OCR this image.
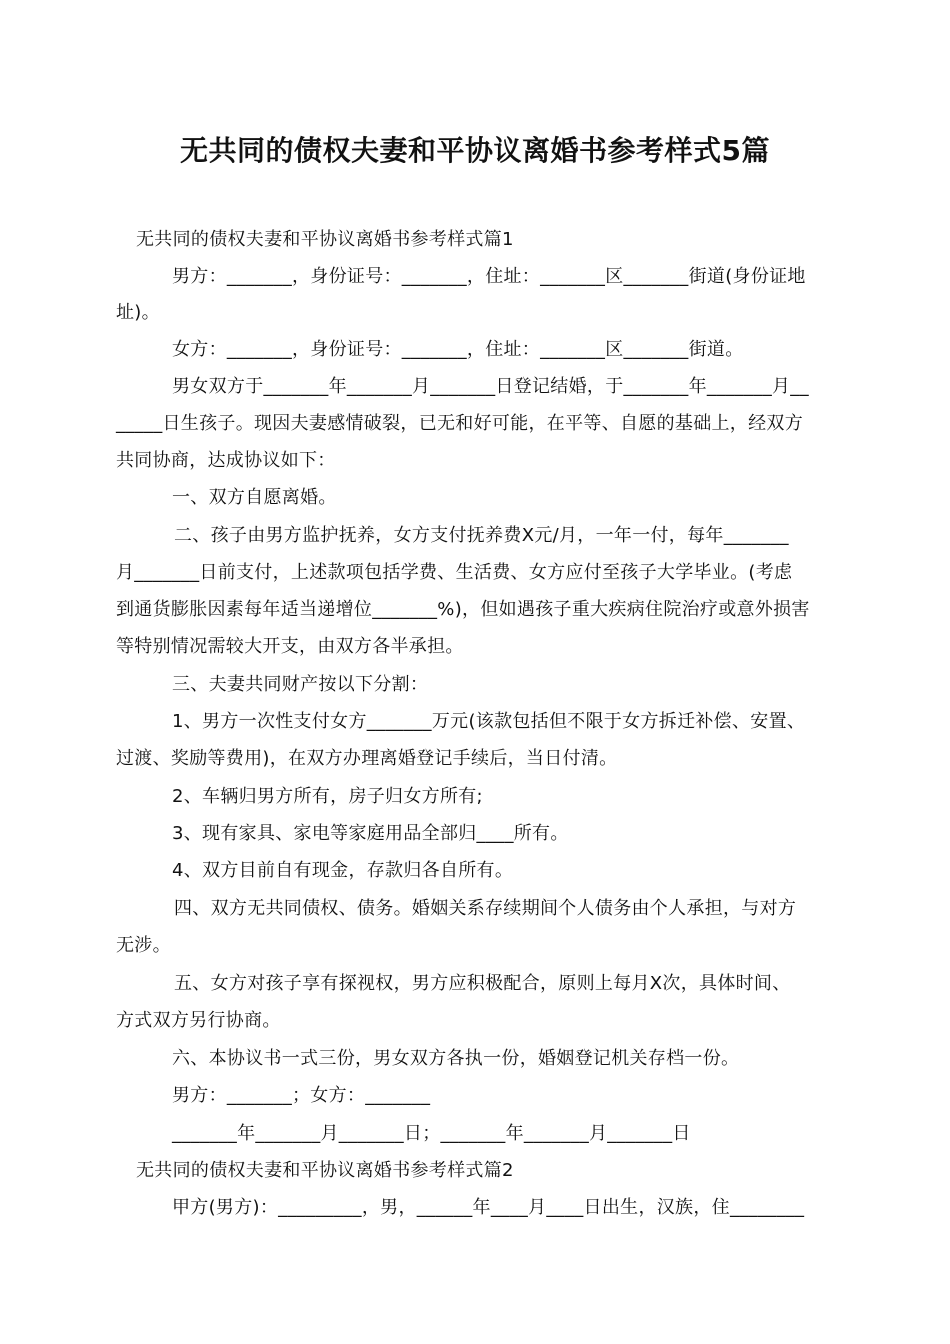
无共同的债权夫妻和平协议离婚书参考样式5篇
无共同的债权夫妻和平协议离婚书参考样式篇1
男方：_______，身份证号：_______，住址：_______区_______街道(身份证地
址)。
女方：_______，身份证号：_______，住址：_______区_______街道。
男女双方于_______年_______月_______日登记结婚，于_______年_______月__
_____日生孩子。现因夫妻感情破裂，已无和好可能，在平等、自愿的基础上，经双方
共同协商，达成协议如下：
一、双方自愿离婚。
二、孩子由男方监护抚养，女方支付抚养费X元/月，一年一付，每年_______
月_______日前支付，上述款项包括学费、生活费、女方应付至孩子大学毕业。(考虑
到通货膨胀因素每年适当递增位_______%)，但如遇孩子重大疾病住院治疗或意外损害
等特别情况需较大开支，由双方各半承担。
三、夫妻共同财产按以下分割：
1、男方一次性支付女方_______万元(该款包括但不限于女方拆迁补偿、安置、
过渡、奖励等费用)，在双方办理离婚登记手续后，当日付清。
2、车辆归男方所有，房子归女方所有;
3、现有家具、家电等家庭用品全部归____所有。
4、双方目前自有现金，存款归各自所有。
四、双方无共同债权、债务。婚姻关系存续期间个人债务由个人承担，与对方
无涉。
五、女方对孩子享有探视权，男方应积极配合，原则上每月X次，具体时间、
方式双方另行协商。
六、本协议书一式三份，男女双方各执一份，婚姻登记机关存档一份。
男方：_______；女方：_______
_______年_______月_______日；_______年_______月_______日
无共同的债权夫妻和平协议离婚书参考样式篇2
甲方(男方)：_________，男，______年____月____日出生，汉族，住________
